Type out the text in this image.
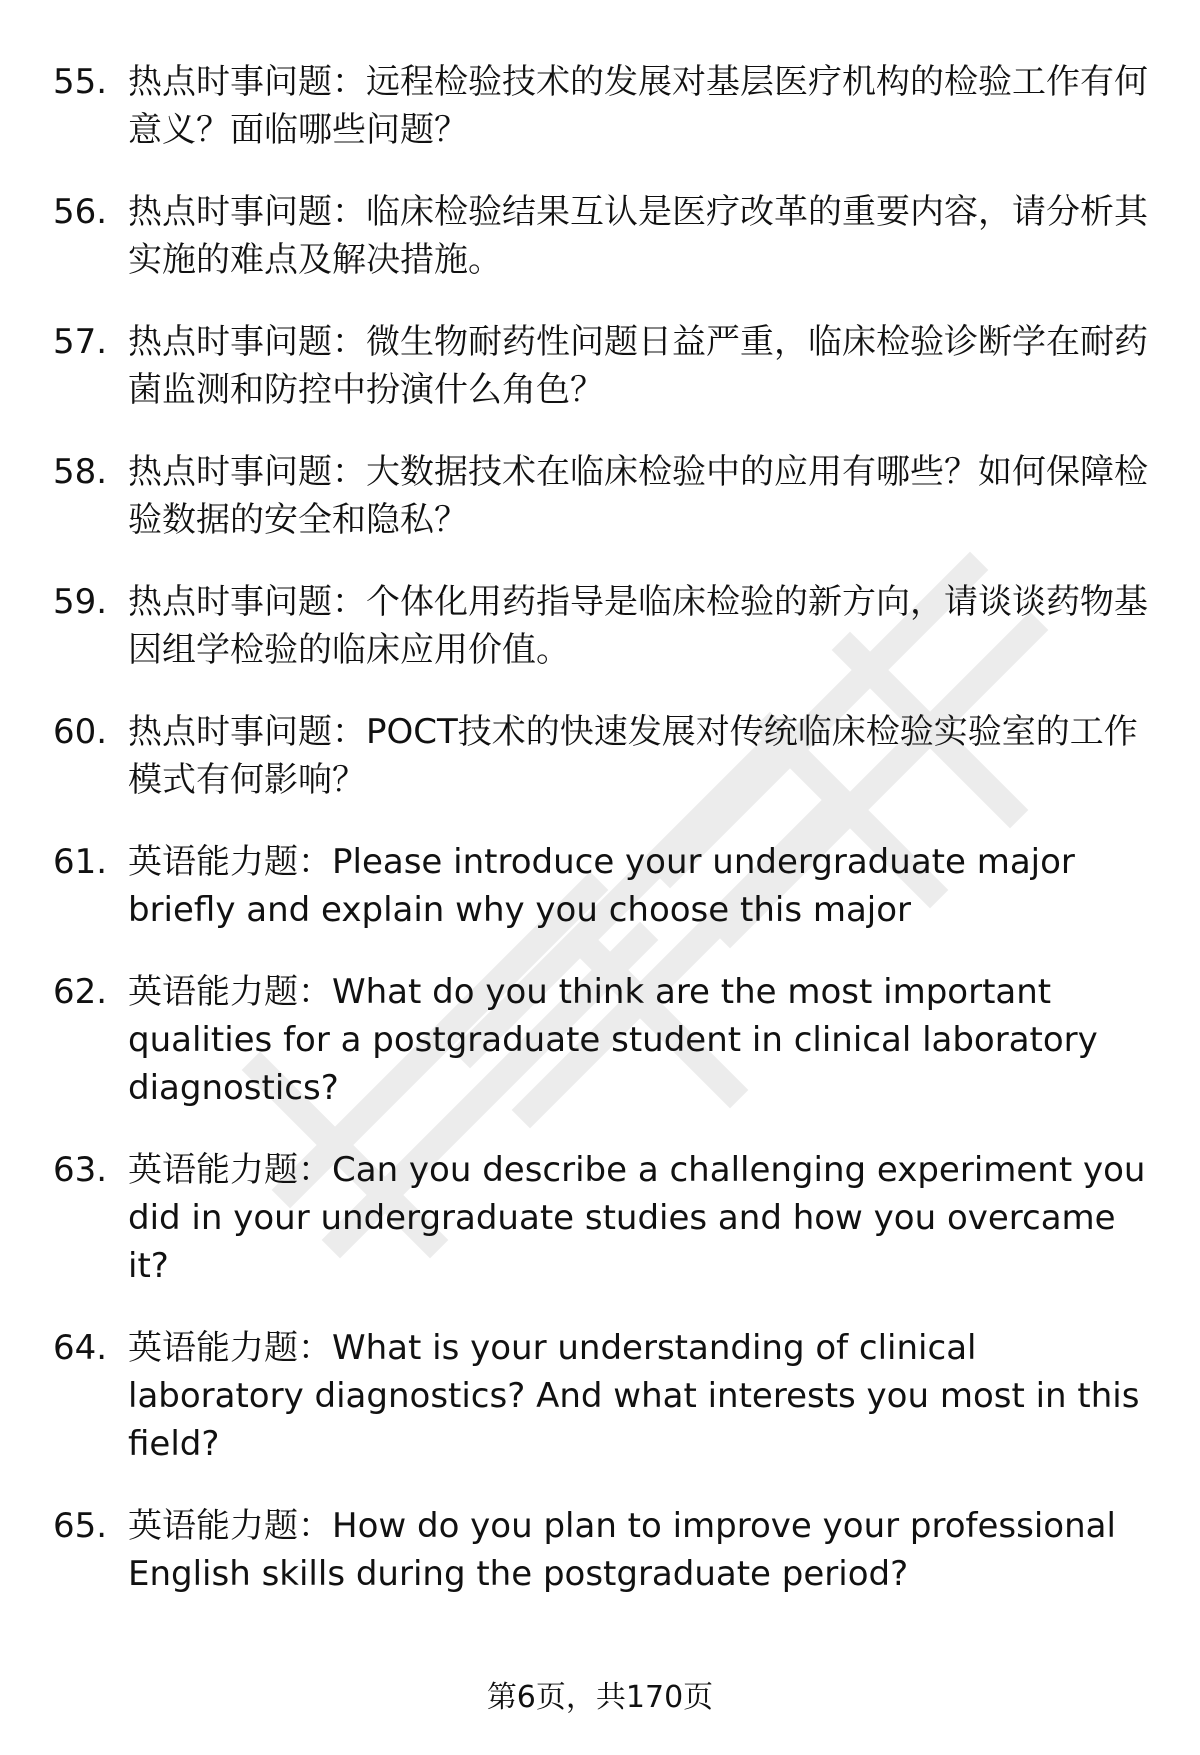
55. 热点时事问题：远程检验技术的发展对基层医疗机构的检验工作有何意义？面临哪些问题？
56. 热点时事问题：临床检验结果互认是医疗改革的重要内容，请分析其实施的难点及解决措施。
57. 热点时事问题：微生物耐药性问题日益严重，临床检验诊断学在耐药菌监测和防控中扮演什么角色？
58. 热点时事问题：大数据技术在临床检验中的应用有哪些？如何保障检验数据的安全和隐私？
59. 热点时事问题：个体化用药指导是临床检验的新方向，请谈谈药物基因组学检验的临床应用价值。
60. 热点时事问题：POCT技术的快速发展对传统临床检验实验室的工作模式有何影响？
61. 英语能力题：Please introduce your undergraduate major briefly and explain why you choose this major
62. 英语能力题：What do you think are the most important qualities for a postgraduate student in clinical laboratory diagnostics?
63. 英语能力题：Can you describe a challenging experiment you did in your undergraduate studies and how you overcame it?
64. 英语能力题：What is your understanding of clinical laboratory diagnostics? And what interests you most in this field?
65. 英语能力题：How do you plan to improve your professional English skills during the postgraduate period?
第6页，共170页
